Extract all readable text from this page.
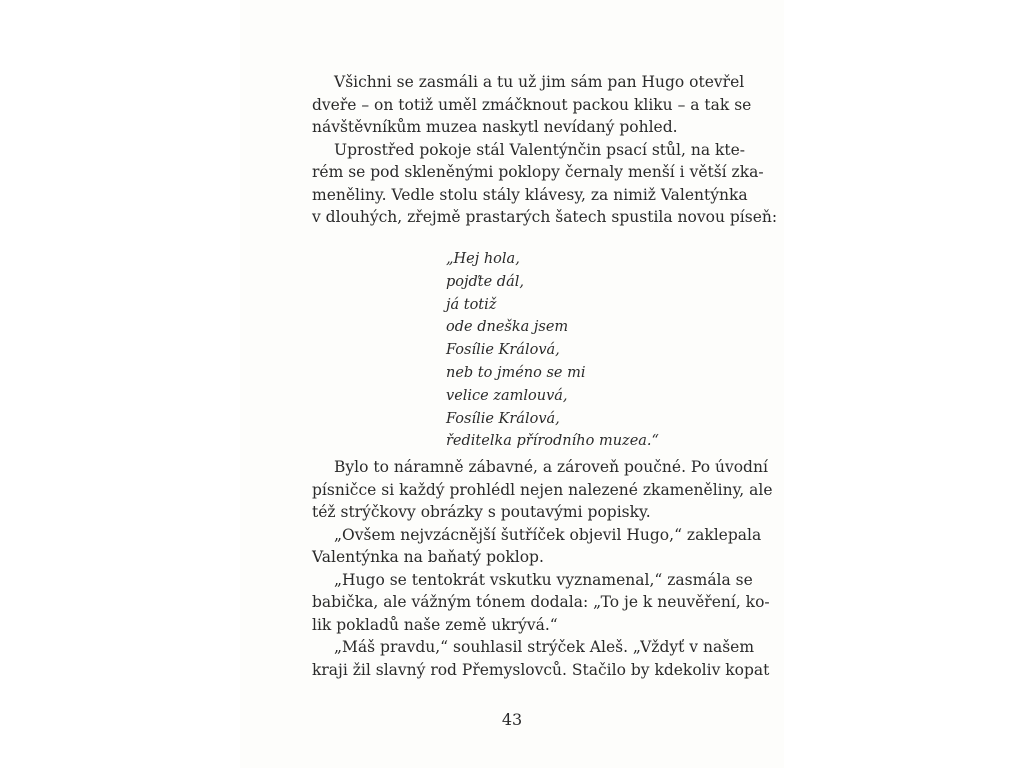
Všichni se zasmáli a tu už jim sám pan Hugo otevřel
dveře – on totiž uměl zmáčknout packou kliku – a tak se
návštěvníkům muzea naskytl nevídaný pohled.

Uprostřed pokoje stál Valentýnčin psací stůl, na kte-
rém se pod skleněnými poklopy černaly menší i větší zka-
meněliny. Vedle stolu stály klávesy, za nimiž Valentýnka
v dlouhých, zřejmě prastarých šatech spustila novou píseň:

„Hej hola,
pojďte dál,
já totiž
ode dneška jsem
Fosílie Králová,
neb to jméno se mi
velice zamlouvá,
Fosílie Králová,
ředitelka přírodního muzea.“

Bylo to náramně zábavné, a zároveň poučné. Po úvodní
písničce si každý prohlédl nejen nalezené zkameněliny, ale
též strýčkovy obrázky s poutavými popisky.

„Ovšem nejvzácnější šutříček objevil Hugo,“ zaklepala
Valentýnka na baňatý poklop.

„Hugo se tentokrát vskutku vyznamenal,“ zasmála se
babička, ale vážným tónem dodala: „To je k neuvěření, ko-
lik pokladů naše země ukrývá.“

„Máš pravdu,“ souhlasil strýček Aleš. „Vždyť v našem
kraji žil slavný rod Přemyslovců. Stačilo by kdekoliv kopat

43
